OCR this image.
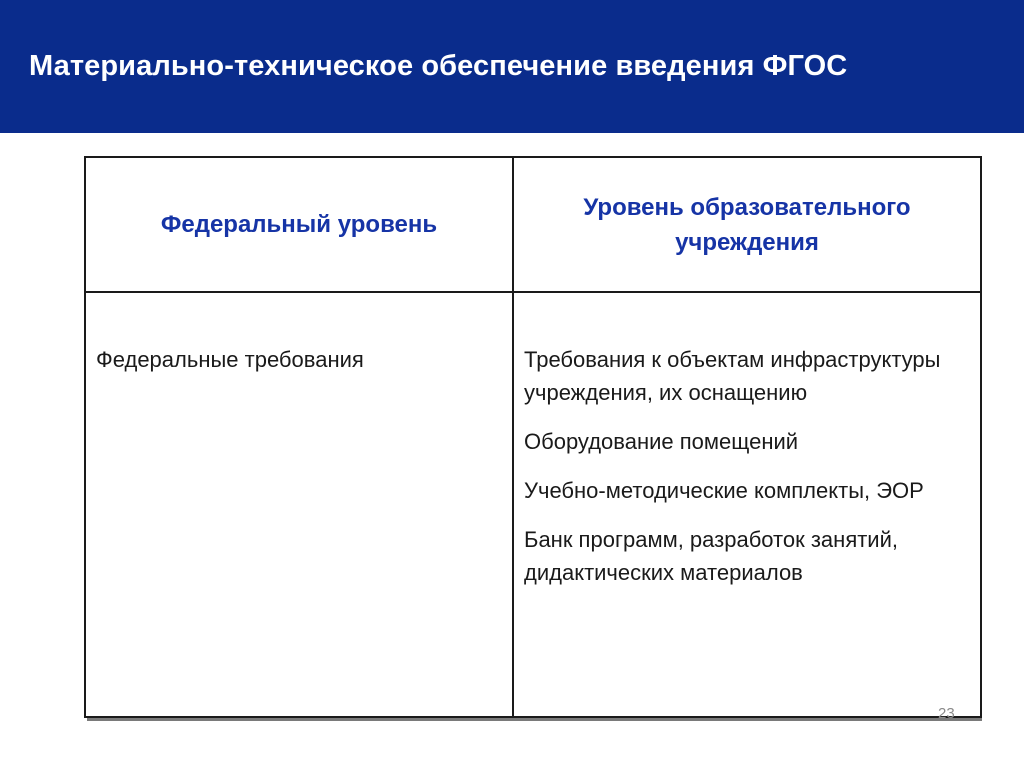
Материально-техническое обеспечение введения ФГОС
Федеральный уровень	Уровень образовательного учреждения

Федеральные требования	Требования к объектам инфраструктуры учреждения, их оснащению

Оборудование помещений

Учебно-методические комплекты, ЭОР

Банк программ, разработок занятий, дидактических материалов

23
